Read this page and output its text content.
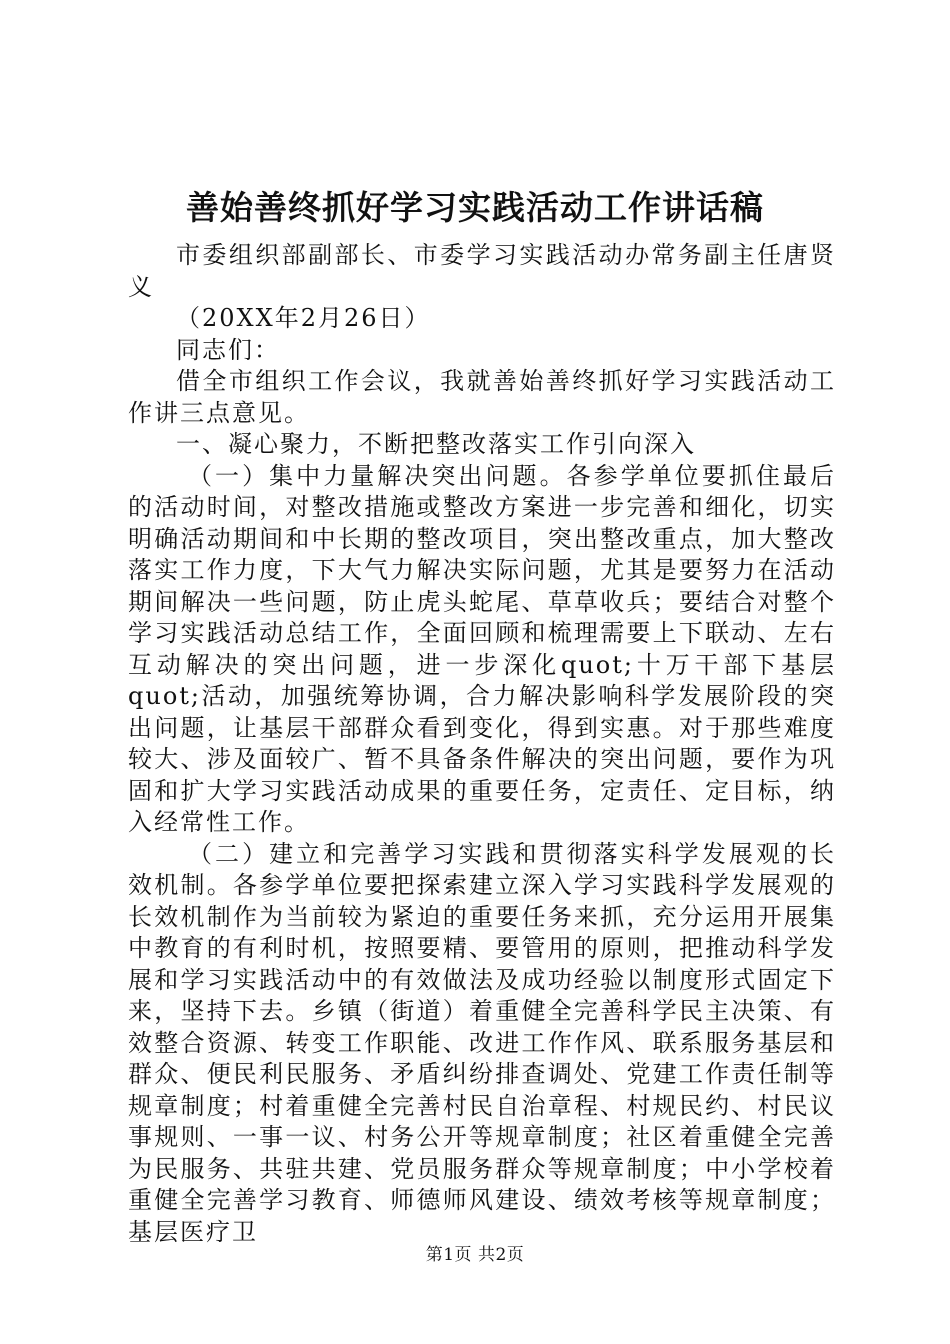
善始善终抓好学习实践活动工作讲话稿

市委组织部副部长、市委学习实践活动办常务副主任唐贤义

（20XX年2月26日）

同志们：

借全市组织工作会议，我就善始善终抓好学习实践活动工作讲三点意见。

一、凝心聚力，不断把整改落实工作引向深入

（一）集中力量解决突出问题。各参学单位要抓住最后的活动时间，对整改措施或整改方案进一步完善和细化，切实明确活动期间和中长期的整改项目，突出整改重点，加大整改落实工作力度，下大气力解决实际问题，尤其是要努力在活动期间解决一些问题，防止虎头蛇尾、草草收兵；要结合对整个学习实践活动总结工作，全面回顾和梳理需要上下联动、左右互动解决的突出问题，进一步深化quot;十万干部下基层quot;活动，加强统筹协调，合力解决影响科学发展阶段的突出问题，让基层干部群众看到变化，得到实惠。对于那些难度较大、涉及面较广、暂不具备条件解决的突出问题，要作为巩固和扩大学习实践活动成果的重要任务，定责任、定目标，纳入经常性工作。

（二）建立和完善学习实践和贯彻落实科学发展观的长效机制。各参学单位要把探索建立深入学习实践科学发展观的长效机制作为当前较为紧迫的重要任务来抓，充分运用开展集中教育的有利时机，按照要精、要管用的原则，把推动科学发展和学习实践活动中的有效做法及成功经验以制度形式固定下来，坚持下去。乡镇（街道）着重健全完善科学民主决策、有效整合资源、转变工作职能、改进工作作风、联系服务基层和群众、便民利民服务、矛盾纠纷排查调处、党建工作责任制等规章制度；村着重健全完善村民自治章程、村规民约、村民议事规则、一事一议、村务公开等规章制度；社区着重健全完善为民服务、共驻共建、党员服务群众等规章制度；中小学校着重健全完善学习教育、师德师风建设、绩效考核等规章制度；基层医疗卫

第1页 共2页
